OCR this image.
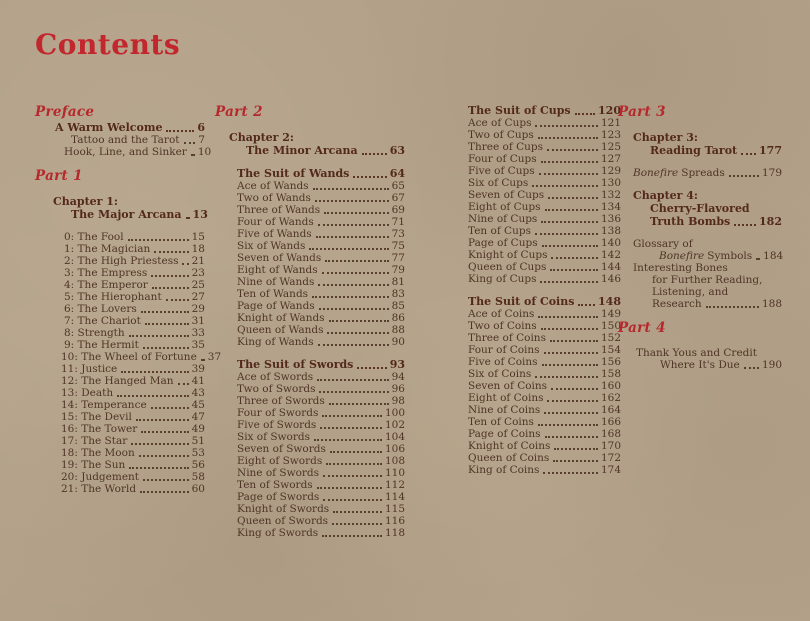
Contents
Preface
A Warm Welcome	6
Tattoo and the Tarot 7
Hook, Line, and Sinker 10
Part 1
Chapter 1:
The Major Arcana 13
0: The Fool	15
1: The Magician	18
2: The High Priestess 21
3: The Empress	23
4: The Emperor	25
5: The Hierophant	27
6: The Lovers	29
7: The Chariot	31
8: Strength	33
9: The Hermit	35
10: The Wheel of Fortune 37
11: Justice	39
12: The Hanged Man 41
13: Death	43
14: Temperance	45
15: The Devil	47
16: The Tower	49
17: The Star	51
18: The Moon	53
19: The Sun	56
20: Judgement	58
21: The World	60
Part 2
Chapter 2:
The Minor Arcana	63
The Suit of Wands	64
Ace of Wands	65
Two of Wands	67
Three of Wands	69
Four of Wands	71
Five of Wands	73
Six of Wands	75
Seven of Wands	77
Eight of Wands	79
Nine of Wands	81
Ten of Wands	83
Page of Wands	85
Knight of Wands	86
Queen of Wands	88
King of Wands	90
The Suit of Swords	93
Ace of Swords	94
Two of Swords	96
Three of Swords	98
Four of Swords	100
Five of Swords	102
Six of Swords	104
Seven of Swords	106
Eight of Swords	108
Nine of Swords	110
Ten of Swords	112
Page of Swords	114
Knight of Swords	115
Queen of Swords	116
King of Swords	118
The Suit of Cups 120
Ace of Cups	121
Two of Cups	123
Three of Cups	125
Four of Cups	127
Five of Cups	129
Six of Cups	130
Seven of Cups	132
Eight of Cups	134
Nine of Cups	136
Ten of Cups	138
Page of Cups	140
Knight of Cups	142
Queen of Cups	144
King of Cups	146
The Suit of Coins 148
Ace of Coins	149
Two of Coins	150
Three of Coins	152
Four of Coins	154
Five of Coins	156
Six of Coins	158
Seven of Coins	160
Eight of Coins	162
Nine of Coins	164
Ten of Coins	166
Page of Coins	168
Knight of Coins	170
Queen of Coins	172
King of Coins	174
Part 3
Chapter 3:
Reading Tarot 177
Bonefire Spreads	179
Chapter 4:
Cherry-Flavored
Truth Bombs	182
Glossary of
Bonefire Symbols 184
Interesting Bones
for Further Reading,
Listening, and
Research	188
Part 4
Thank Yous and Credit
Where It's Due 190
